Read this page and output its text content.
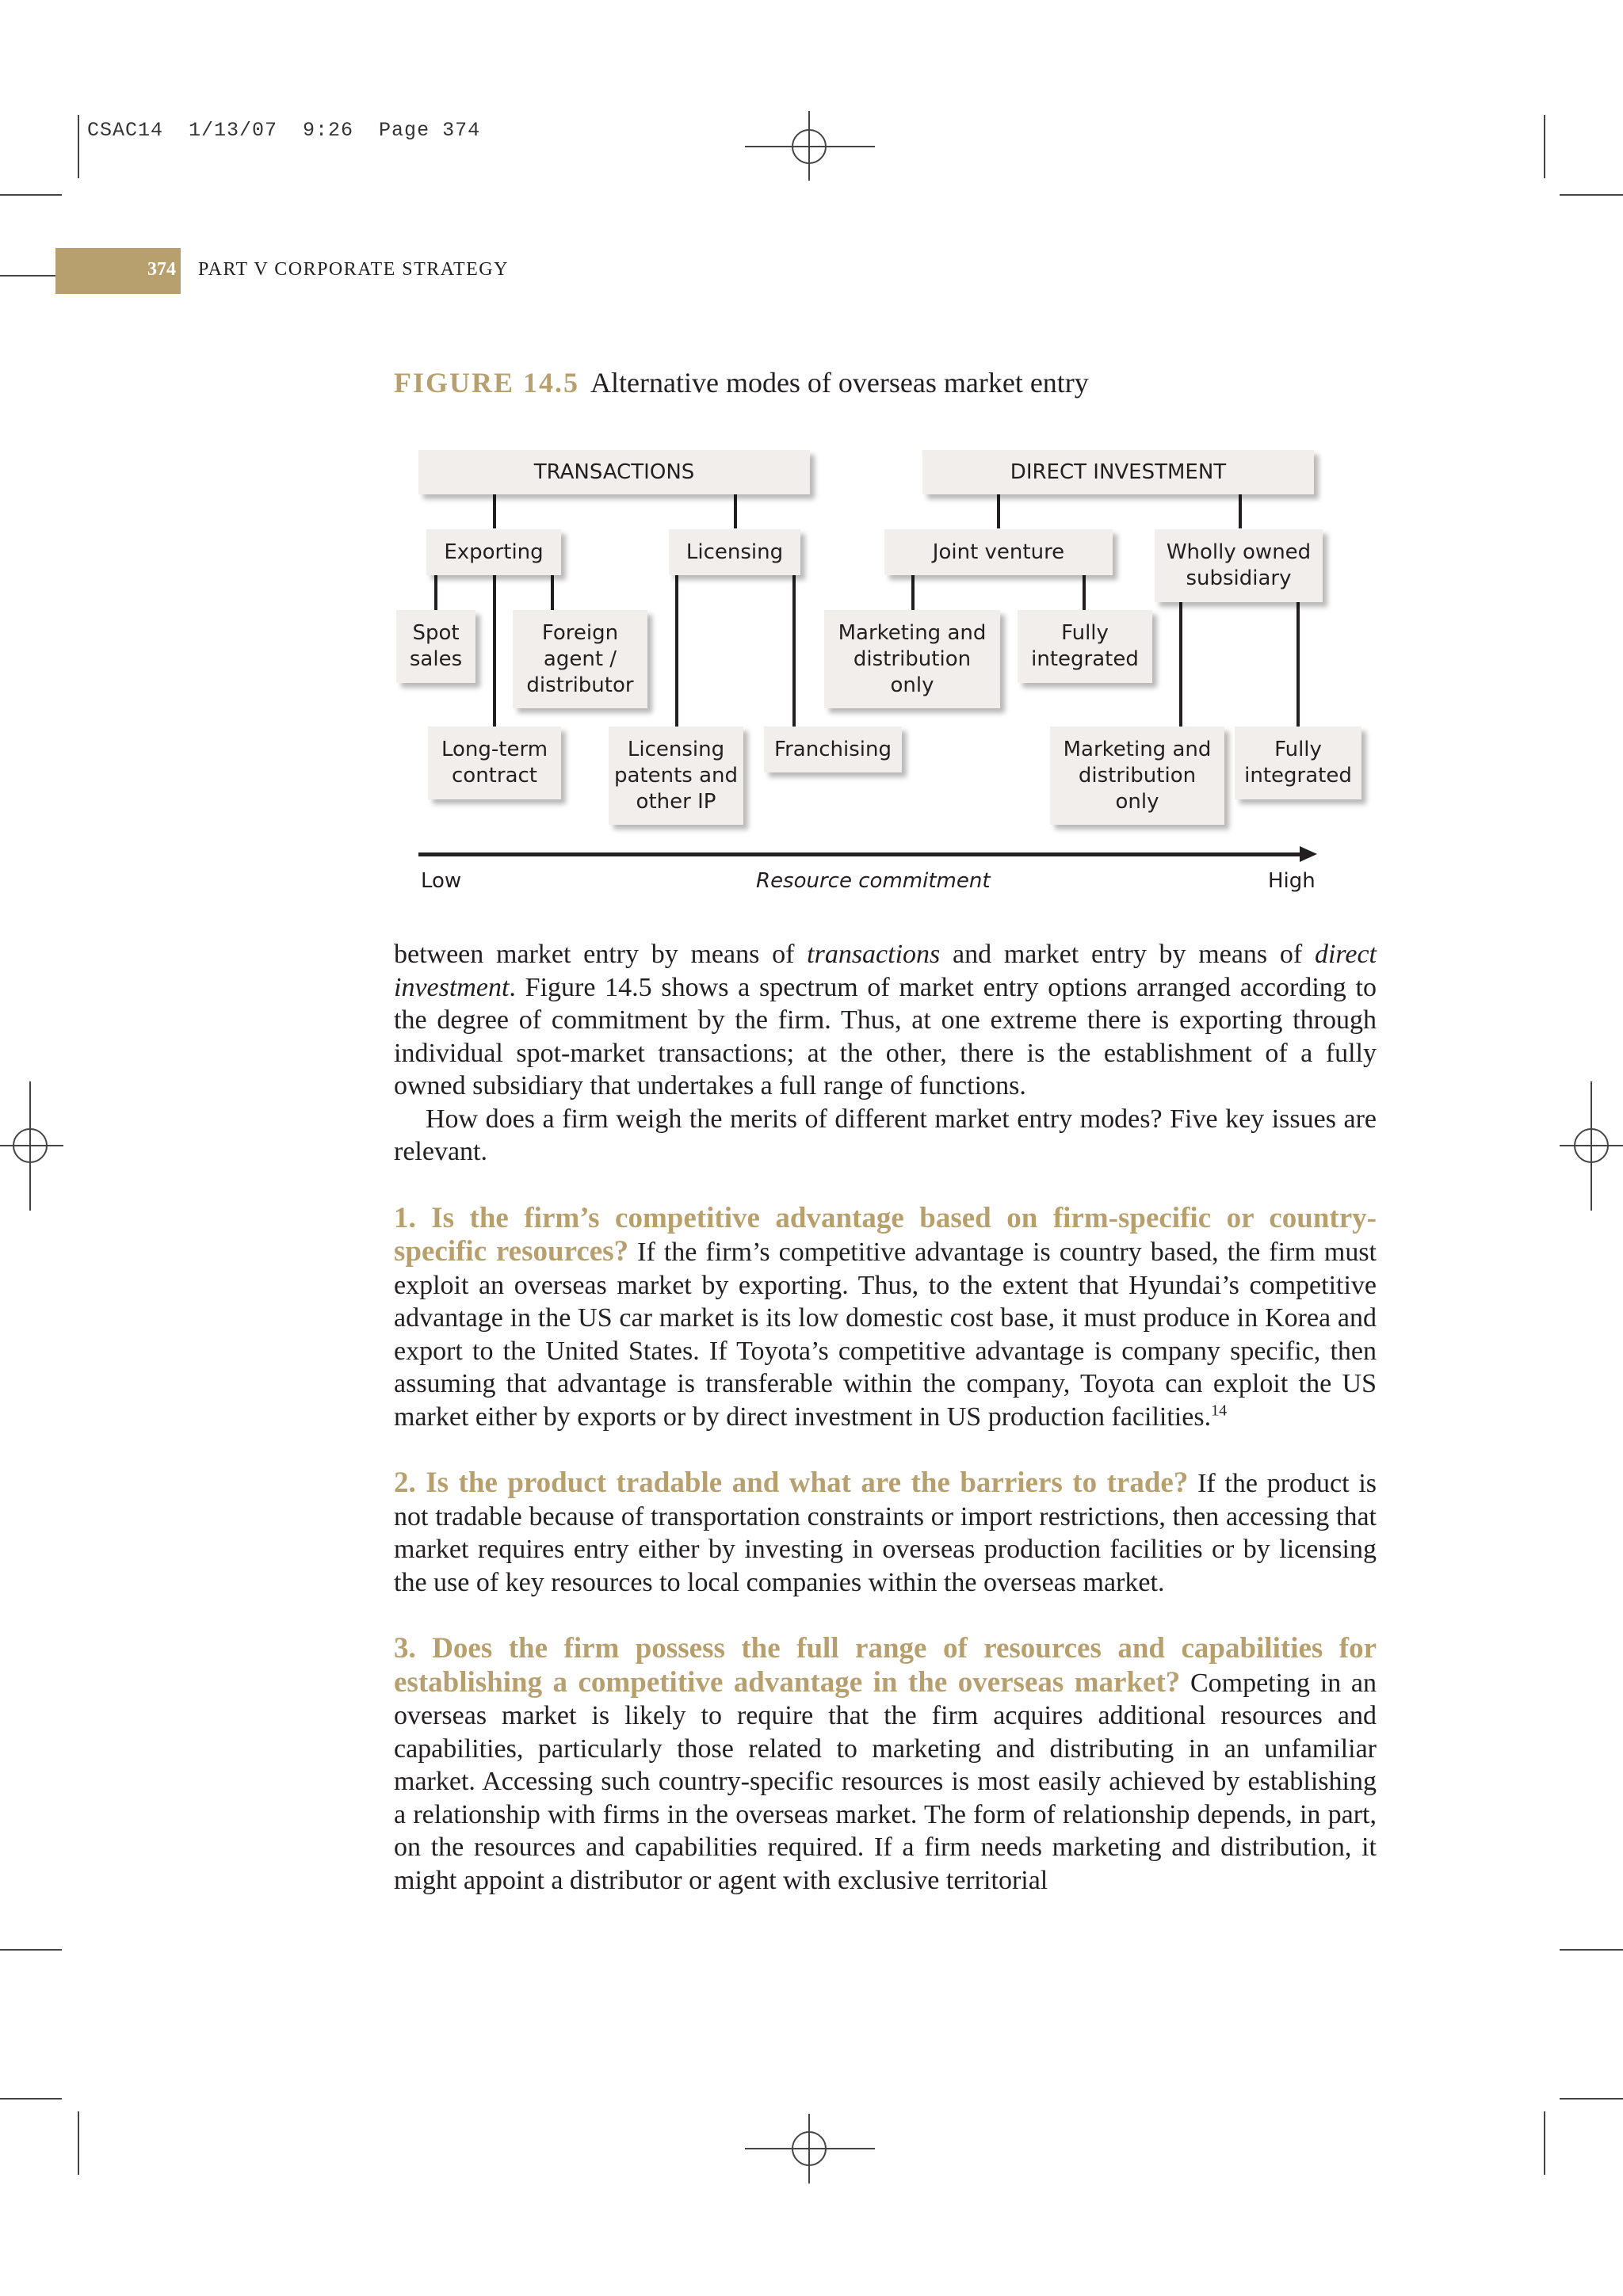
CSAC14  1/13/07  9:26  Page 374
374 PART V CORPORATE STRATEGY
FIGURE 14.5 Alternative modes of overseas market entry
TRANSACTIONS	DIRECT INVESTMENT
Exporting	Licensing	Joint venture	Wholly owned
subsidiary
Spot
sales
Foreign
agent /
distributor
Marketing and
distribution
only
Fully
integrated
Long-term
contract
Licensing
patents and
other IP
Franchising	Marketing and
distribution
only
Fully
integrated
Low	Resource commitment	High

between market entry by means of transactions and market entry by means of direct investment. Figure 14.5 shows a spectrum of market entry options arranged according to the degree of commitment by the firm. Thus, at one extreme there is exporting through individual spot-market transactions; at the other, there is the establishment of a fully owned subsidiary that undertakes a full range of functions.

How does a firm weigh the merits of different market entry modes? Five key issues are relevant.

1. Is the firm’s competitive advantage based on firm-specific or country-specific resources? If the firm’s competitive advantage is country based, the firm must exploit an overseas market by exporting. Thus, to the extent that Hyundai’s competitive advantage in the US car market is its low domestic cost base, it must produce in Korea and export to the United States. If Toyota’s competitive advantage is company specific, then assuming that advantage is transferable within the company, Toyota can exploit the US market either by exports or by direct investment in US production facilities.$^{14}$

2. Is the product tradable and what are the barriers to trade? If the product is not tradable because of transportation constraints or import restrictions, then accessing that market requires entry either by investing in overseas production facilities or by licensing the use of key resources to local companies within the overseas market.

3. Does the firm possess the full range of resources and capabilities for establishing a competitive advantage in the overseas market? Competing in an overseas market is likely to require that the firm acquires additional resources and capabilities, particularly those related to marketing and distributing in an unfamiliar market. Accessing such country-specific resources is most easily achieved by establishing a relationship with firms in the overseas market. The form of relationship depends, in part, on the resources and capabilities required. If a firm needs marketing and distribution, it might appoint a distributor or agent with exclusive territorial
